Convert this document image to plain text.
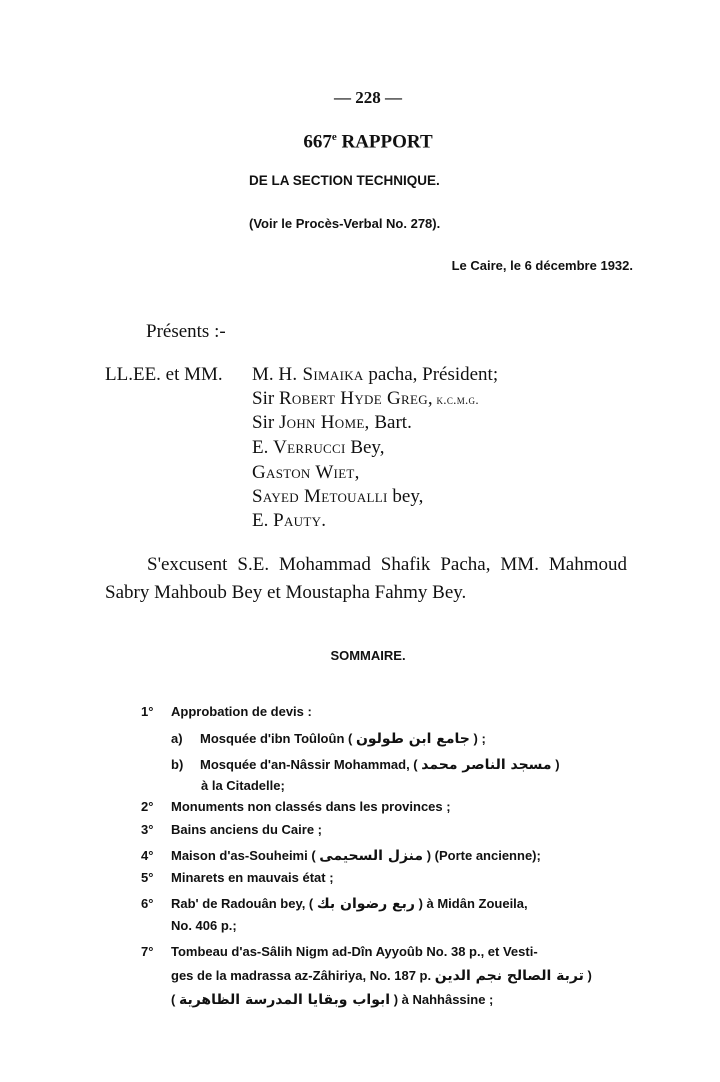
— 228 —
667e RAPPORT
DE LA SECTION TECHNIQUE.
(Voir le Procès-Verbal No. 278).
Le Caire, le 6 décembre 1932.
Présents :-
LL.EE. et MM. M. H. Simaika pacha, Président;
Sir Robert Hyde Greg, k.c.m.g.
Sir John Home, Bart.
E. Verrucci Bey,
Gaston Wiet,
Sayed Metoualli bey,
E. Pauty.
S'excusent S.E. Mohammad Shafik Pacha, MM. Mahmoud Sabry Mahboub Bey et Moustapha Fahmy Bey.
SOMMAIRE.
1° Approbation de devis :
a) Mosquée d'ibn Toûloûn ( جامع ابن طولون ) ;
b) Mosquée d'an-Nâssir Mohammad, ( مسجد الناصر محمد )
à la Citadelle;
2° Monuments non classés dans les provinces ;
3° Bains anciens du Caire ;
4° Maison d'as-Souheimi ( منزل السحيمى ) (Porte ancienne);
5° Minarets en mauvais état ;
6° Rab' de Radouân bey, ( ربع رضوان بك ) à Midân Zoueila,
No. 406 p.;
7° Tombeau d'as-Sâlih Nigm ad-Dîn Ayyoûb No. 38 p., et Vesti-
ges de la madrassa az-Zâhiriya, No. 187 p. تربة الصالح نجم الدين )
( ابواب وبقايا المدرسة الظاهرية ) à Nahhâssine ;
